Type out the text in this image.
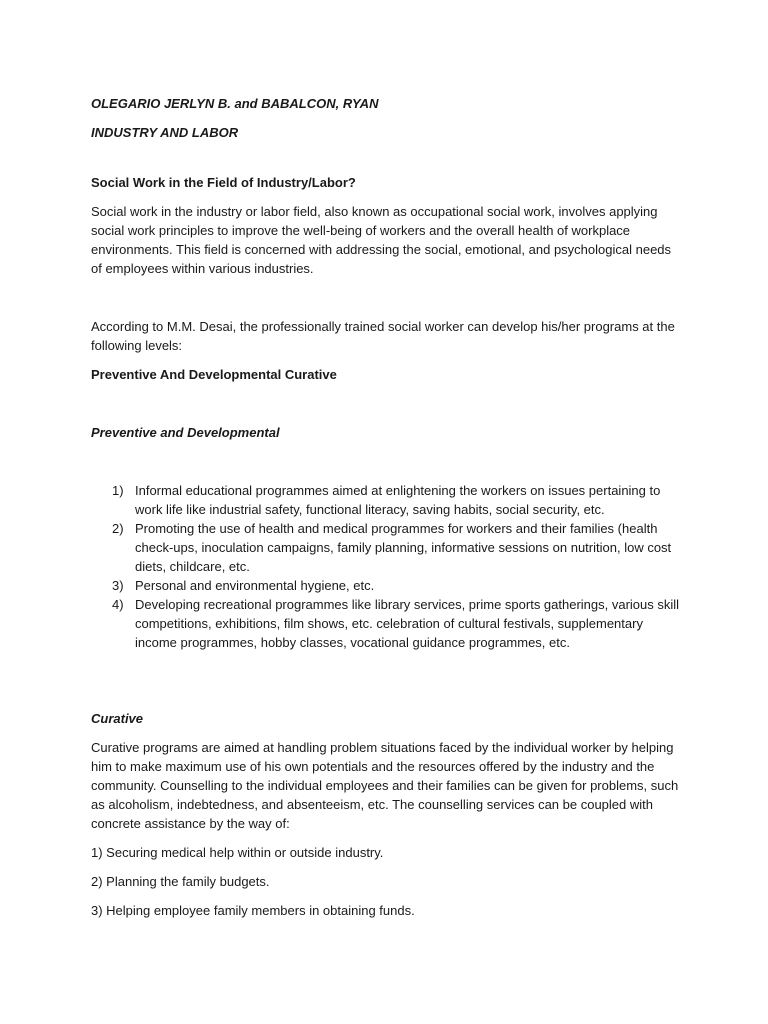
OLEGARIO JERLYN B. and BABALCON, RYAN

INDUSTRY AND LABOR

Social Work in the Field of Industry/Labor?

Social work in the industry or labor field, also known as occupational social work, involves applying social work principles to improve the well-being of workers and the overall health of workplace environments. This field is concerned with addressing the social, emotional, and psychological needs of employees within various industries.

According to M.M. Desai, the professionally trained social worker can develop his/her programs at the following levels:

Preventive And Developmental Curative

Preventive and Developmental

1) Informal educational programmes aimed at enlightening the workers on issues pertaining to work life like industrial safety, functional literacy, saving habits, social security, etc.
2) Promoting the use of health and medical programmes for workers and their families (health check-ups, inoculation campaigns, family planning, informative sessions on nutrition, low cost diets, childcare, etc.
3) Personal and environmental hygiene, etc.
4) Developing recreational programmes like library services, prime sports gatherings, various skill competitions, exhibitions, film shows, etc. celebration of cultural festivals, supplementary income programmes, hobby classes, vocational guidance programmes, etc.

Curative

Curative programs are aimed at handling problem situations faced by the individual worker by helping him to make maximum use of his own potentials and the resources offered by the industry and the community. Counselling to the individual employees and their families can be given for problems, such as alcoholism, indebtedness, and absenteeism, etc. The counselling services can be coupled with concrete assistance by the way of:

1) Securing medical help within or outside industry.

2) Planning the family budgets.

3) Helping employee family members in obtaining funds.
